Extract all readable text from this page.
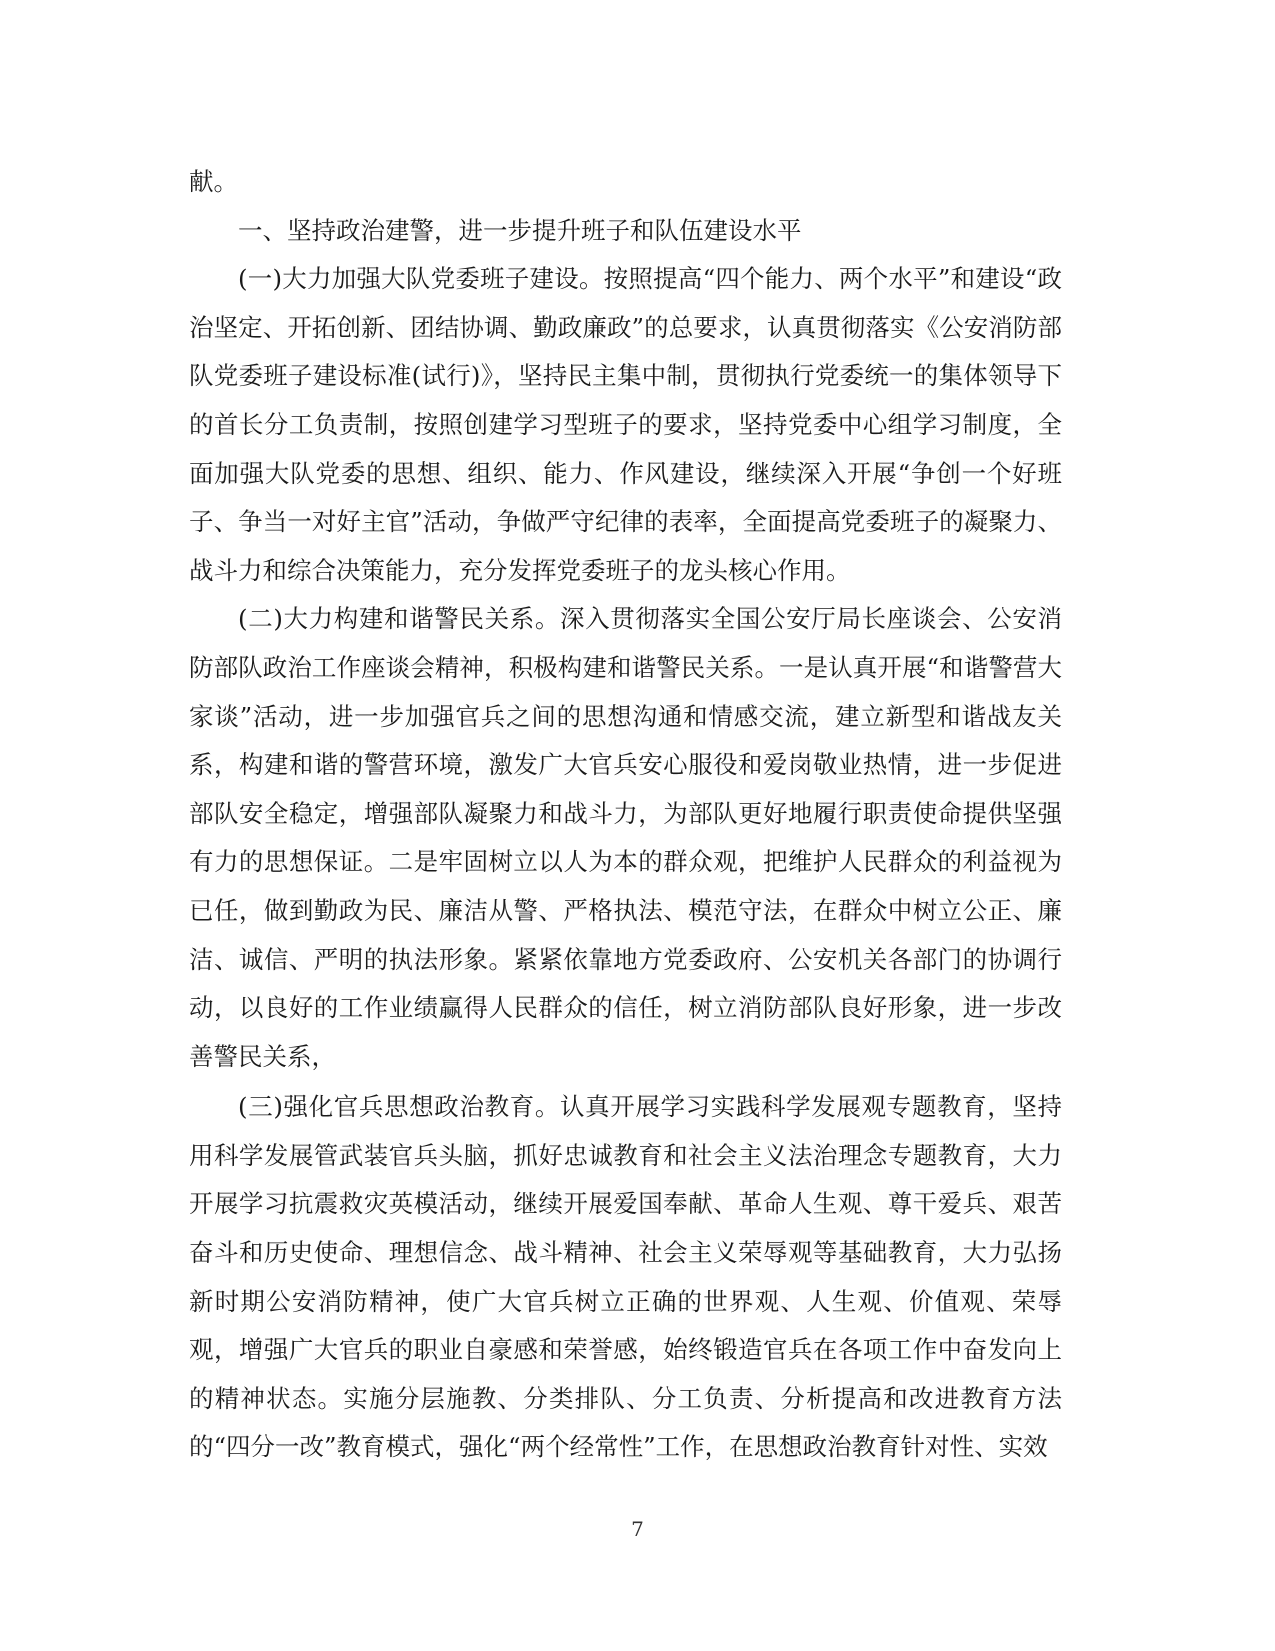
献。

一、坚持政治建警，进一步提升班子和队伍建设水平

(一)大力加强大队党委班子建设。按照提高“四个能力、两个水平”和建设“政治坚定、开拓创新、团结协调、勤政廉政”的总要求，认真贯彻落实《公安消防部队党委班子建设标准(试行)》，坚持民主集中制，贯彻执行党委统一的集体领导下的首长分工负责制，按照创建学习型班子的要求，坚持党委中心组学习制度，全面加强大队党委的思想、组织、能力、作风建设，继续深入开展“争创一个好班子、争当一对好主官”活动，争做严守纪律的表率，全面提高党委班子的凝聚力、战斗力和综合决策能力，充分发挥党委班子的龙头核心作用。

(二)大力构建和谐警民关系。深入贯彻落实全国公安厅局长座谈会、公安消防部队政治工作座谈会精神，积极构建和谐警民关系。一是认真开展“和谐警营大家谈”活动，进一步加强官兵之间的思想沟通和情感交流，建立新型和谐战友关系，构建和谐的警营环境，激发广大官兵安心服役和爱岗敬业热情，进一步促进部队安全稳定，增强部队凝聚力和战斗力，为部队更好地履行职责使命提供坚强有力的思想保证。二是牢固树立以人为本的群众观，把维护人民群众的利益视为已任，做到勤政为民、廉洁从警、严格执法、模范守法，在群众中树立公正、廉洁、诚信、严明的执法形象。紧紧依靠地方党委政府、公安机关各部门的协调行动，以良好的工作业绩赢得人民群众的信任，树立消防部队良好形象，进一步改善警民关系，

(三)强化官兵思想政治教育。认真开展学习实践科学发展观专题教育，坚持用科学发展管武装官兵头脑，抓好忠诚教育和社会主义法治理念专题教育，大力开展学习抗震救灾英模活动，继续开展爱国奉献、革命人生观、尊干爱兵、艰苦奋斗和历史使命、理想信念、战斗精神、社会主义荣辱观等基础教育，大力弘扬新时期公安消防精神，使广大官兵树立正确的世界观、人生观、价值观、荣辱观，增强广大官兵的职业自豪感和荣誉感，始终锻造官兵在各项工作中奋发向上的精神状态。实施分层施教、分类排队、分工负责、分析提高和改进教育方法的“四分一改”教育模式，强化“两个经常性”工作，在思想政治教育针对性、实效

7
